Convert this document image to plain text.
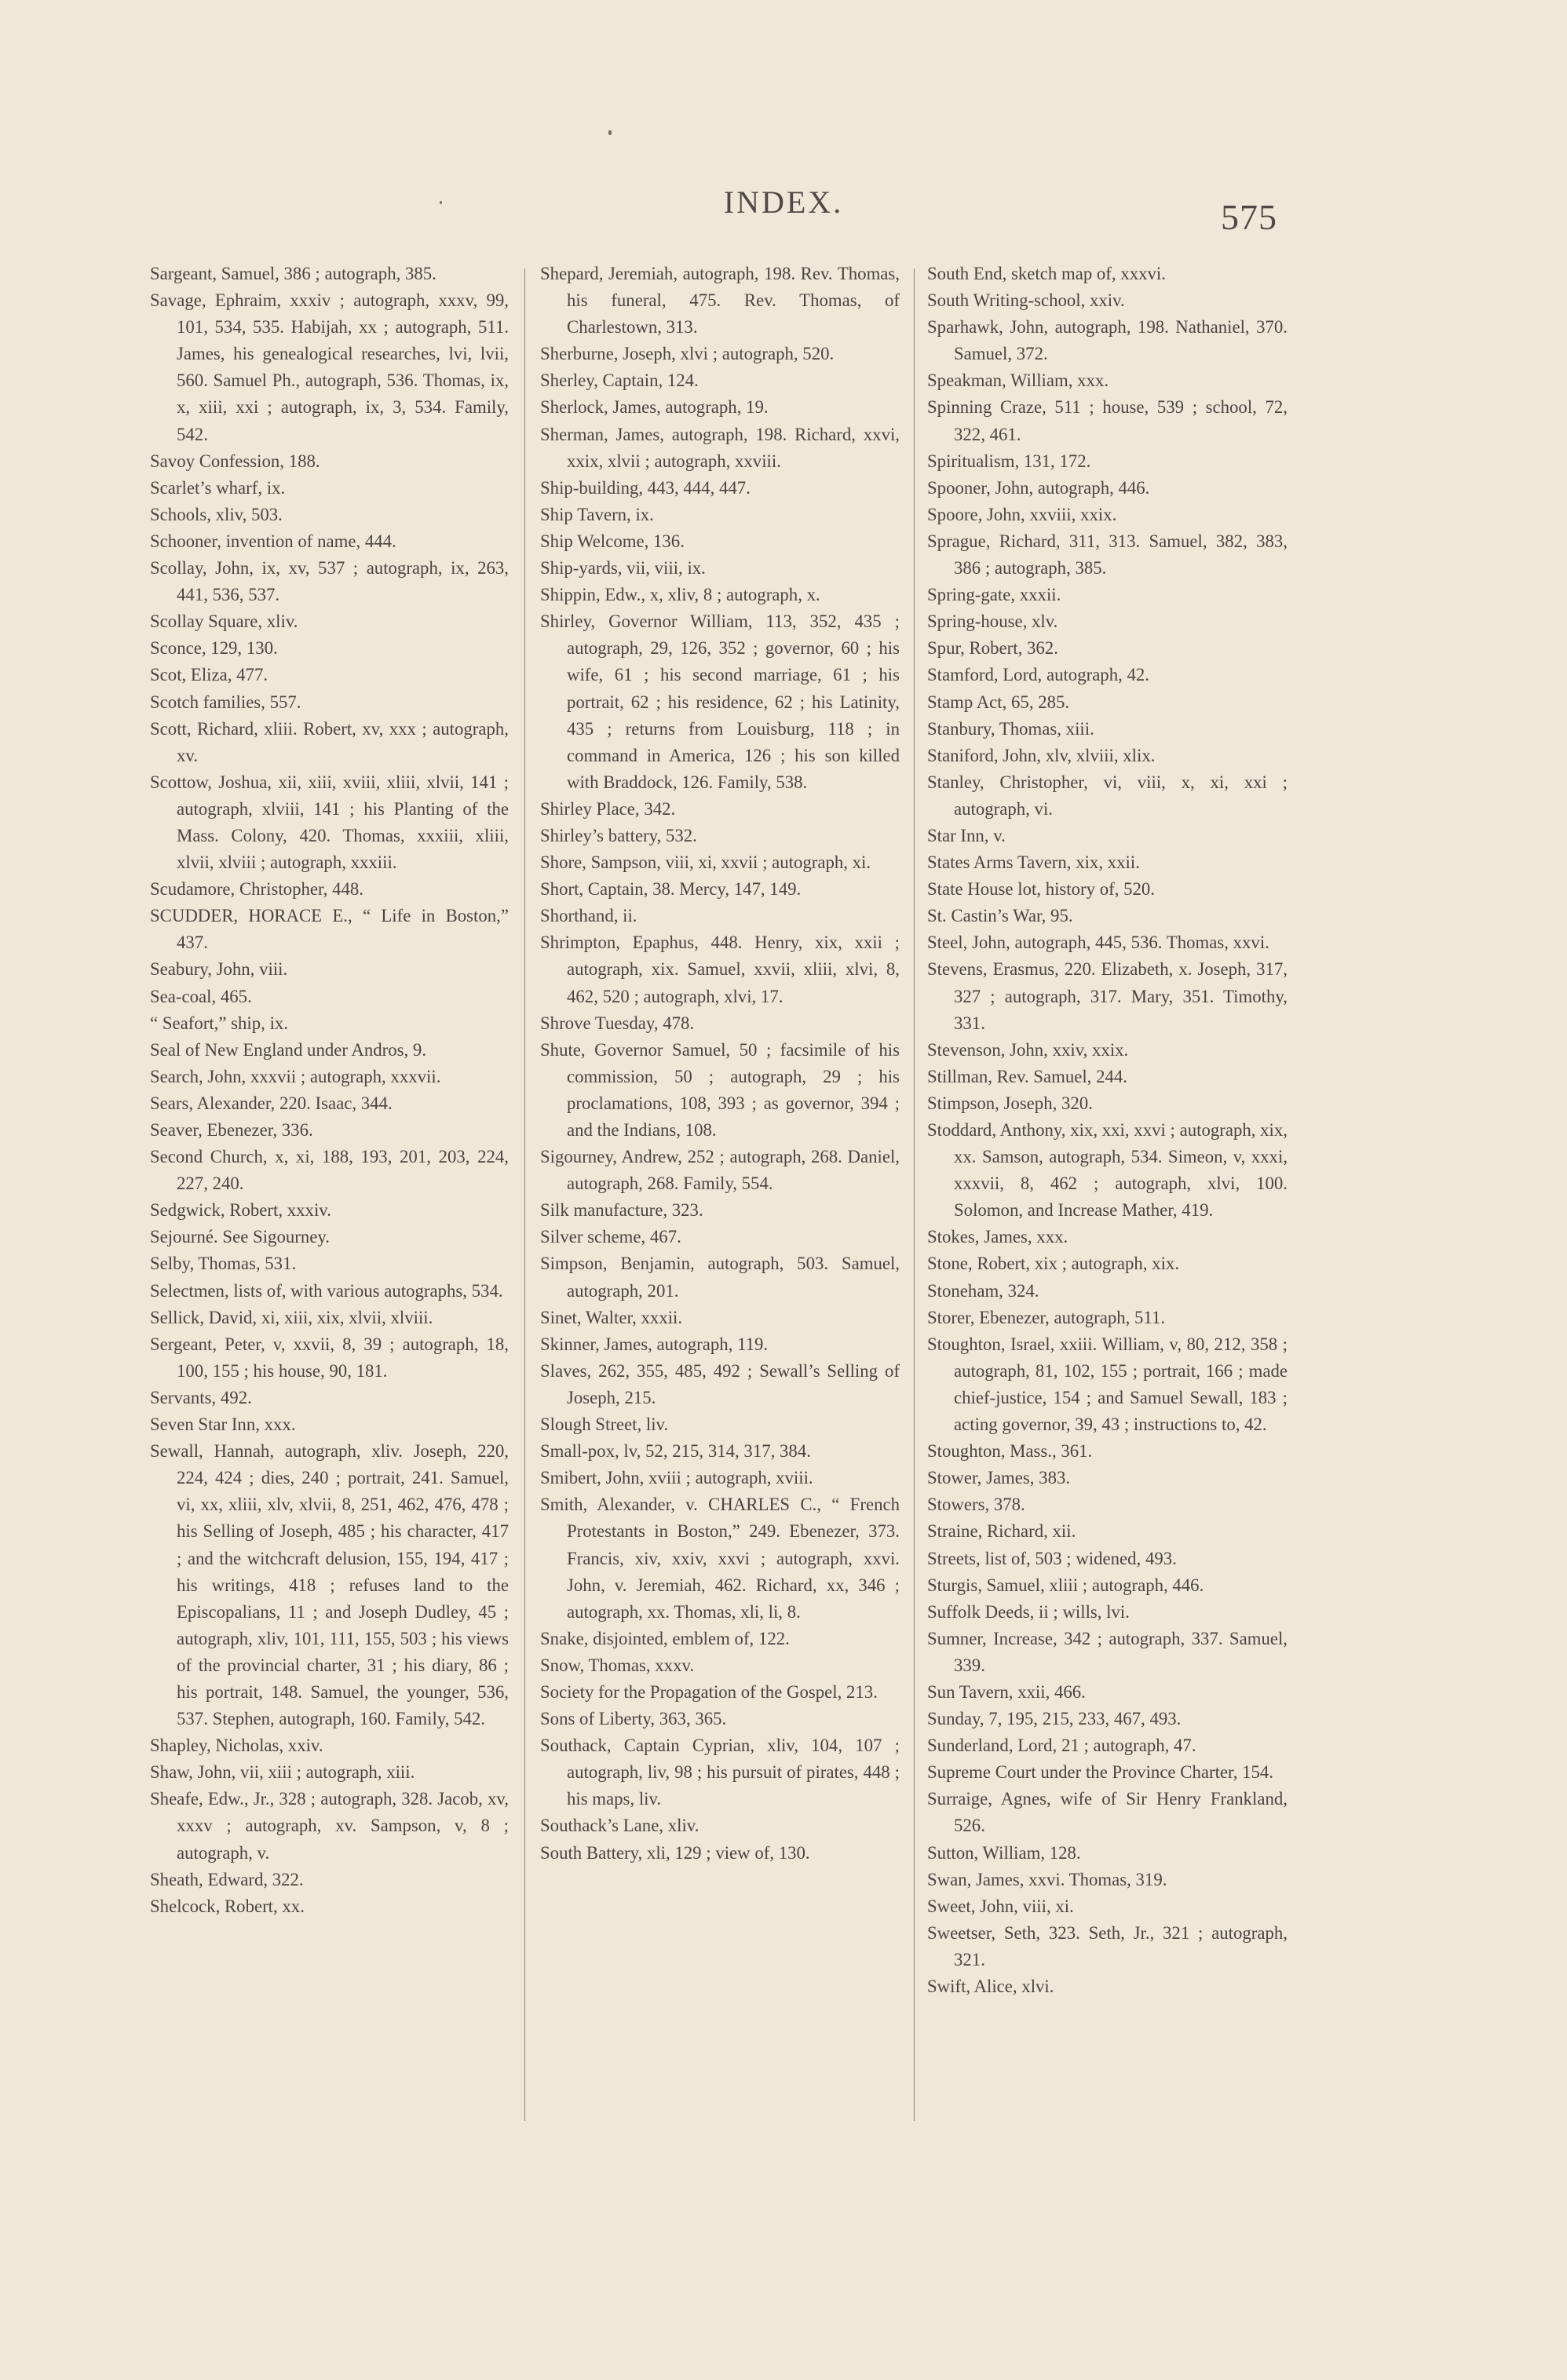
INDEX.	575
Sargeant, Samuel, 386 ; autograph, 385.
Savage, Ephraim, xxxiv ; autograph, xxxv, 99, 101, 534, 535. Habijah, xx ; autograph, 511. James, his genealogical researches, lvi, lvii, 560. Samuel Ph., autograph, 536. Thomas, ix, x, xiii, xxi ; autograph, ix, 3, 534. Family, 542.
Savoy Confession, 188.
Scarlet’s wharf, ix.
Schools, xliv, 503.
Schooner, invention of name, 444.
Scollay, John, ix, xv, 537 ; autograph, ix, 263, 441, 536, 537.
Scollay Square, xliv.
Sconce, 129, 130.
Scot, Eliza, 477.
Scotch families, 557.
Scott, Richard, xliii. Robert, xv, xxx ; autograph, xv.
Scottow, Joshua, xii, xiii, xviii, xliii, xlvii, 141 ; autograph, xlviii, 141 ; his Planting of the Mass. Colony, 420. Thomas, xxxiii, xliii, xlvii, xlviii ; autograph, xxxiii.
Scudamore, Christopher, 448.
SCUDDER, HORACE E., “ Life in Boston,” 437.
Seabury, John, viii.
Sea-coal, 465.
“ Seafort,” ship, ix.
Seal of New England under Andros, 9.
Search, John, xxxvii ; autograph, xxxvii.
Sears, Alexander, 220. Isaac, 344.
Seaver, Ebenezer, 336.
Second Church, x, xi, 188, 193, 201, 203, 224, 227, 240.
Sedgwick, Robert, xxxiv.
Sejourné. See Sigourney.
Selby, Thomas, 531.
Selectmen, lists of, with various autographs, 534.
Sellick, David, xi, xiii, xix, xlvii, xlviii.
Sergeant, Peter, v, xxvii, 8, 39 ; autograph, 18, 100, 155 ; his house, 90, 181.
Servants, 492.
Seven Star Inn, xxx.
Sewall, Hannah, autograph, xliv. Joseph, 220, 224, 424 ; dies, 240 ; portrait, 241. Samuel, vi, xx, xliii, xlv, xlvii, 8, 251, 462, 476, 478 ; his Selling of Joseph, 485 ; his character, 417 ; and the witchcraft delusion, 155, 194, 417 ; his writings, 418 ; refuses land to the Episcopalians, 11 ; and Joseph Dudley, 45 ; autograph, xliv, 101, 111, 155, 503 ; his views of the provincial charter, 31 ; his diary, 86 ; his portrait, 148. Samuel, the younger, 536, 537. Stephen, autograph, 160. Family, 542.
Shapley, Nicholas, xxiv.
Shaw, John, vii, xiii ; autograph, xiii.
Sheafe, Edw., Jr., 328 ; autograph, 328. Jacob, xv, xxxv ; autograph, xv. Sampson, v, 8 ; autograph, v.
Sheath, Edward, 322.
Shelcock, Robert, xx.
Shepard, Jeremiah, autograph, 198. Rev. Thomas, his funeral, 475. Rev. Thomas, of Charlestown, 313.
Sherburne, Joseph, xlvi ; autograph, 520.
Sherley, Captain, 124.
Sherlock, James, autograph, 19.
Sherman, James, autograph, 198. Richard, xxvi, xxix, xlvii ; autograph, xxviii.
Ship-building, 443, 444, 447.
Ship Tavern, ix.
Ship Welcome, 136.
Ship-yards, vii, viii, ix.
Shippin, Edw., x, xliv, 8 ; autograph, x.
Shirley, Governor William, 113, 352, 435 ; autograph, 29, 126, 352 ; governor, 60 ; his wife, 61 ; his second marriage, 61 ; his portrait, 62 ; his residence, 62 ; his Latinity, 435 ; returns from Louisburg, 118 ; in command in America, 126 ; his son killed with Braddock, 126. Family, 538.
Shirley Place, 342.
Shirley’s battery, 532.
Shore, Sampson, viii, xi, xxvii ; autograph, xi.
Short, Captain, 38. Mercy, 147, 149.
Shorthand, ii.
Shrimpton, Epaphus, 448. Henry, xix, xxii ; autograph, xix. Samuel, xxvii, xliii, xlvi, 8, 462, 520 ; autograph, xlvi, 17.
Shrove Tuesday, 478.
Shute, Governor Samuel, 50 ; facsimile of his commission, 50 ; autograph, 29 ; his proclamations, 108, 393 ; as governor, 394 ; and the Indians, 108.
Sigourney, Andrew, 252 ; autograph, 268. Daniel, autograph, 268. Family, 554.
Silk manufacture, 323.
Silver scheme, 467.
Simpson, Benjamin, autograph, 503. Samuel, autograph, 201.
Sinet, Walter, xxxii.
Skinner, James, autograph, 119.
Slaves, 262, 355, 485, 492 ; Sewall’s Selling of Joseph, 215.
Slough Street, liv.
Small-pox, lv, 52, 215, 314, 317, 384.
Smibert, John, xviii ; autograph, xviii.
Smith, Alexander, v. CHARLES C., “ French Protestants in Boston,” 249. Ebenezer, 373. Francis, xiv, xxiv, xxvi ; autograph, xxvi. John, v. Jeremiah, 462. Richard, xx, 346 ; autograph, xx. Thomas, xli, li, 8.
Snake, disjointed, emblem of, 122.
Snow, Thomas, xxxv.
Society for the Propagation of the Gospel, 213.
Sons of Liberty, 363, 365.
Southack, Captain Cyprian, xliv, 104, 107 ; autograph, liv, 98 ; his pursuit of pirates, 448 ; his maps, liv.
Southack’s Lane, xliv.
South Battery, xli, 129 ; view of, 130.
South End, sketch map of, xxxvi.
South Writing-school, xxiv.
Sparhawk, John, autograph, 198. Nathaniel, 370. Samuel, 372.
Speakman, William, xxx.
Spinning Craze, 511 ; house, 539 ; school, 72, 322, 461.
Spiritualism, 131, 172.
Spooner, John, autograph, 446.
Spoore, John, xxviii, xxix.
Sprague, Richard, 311, 313. Samuel, 382, 383, 386 ; autograph, 385.
Spring-gate, xxxii.
Spring-house, xlv.
Spur, Robert, 362.
Stamford, Lord, autograph, 42.
Stamp Act, 65, 285.
Stanbury, Thomas, xiii.
Staniford, John, xlv, xlviii, xlix.
Stanley, Christopher, vi, viii, x, xi, xxi ; autograph, vi.
Star Inn, v.
States Arms Tavern, xix, xxii.
State House lot, history of, 520.
St. Castin’s War, 95.
Steel, John, autograph, 445, 536. Thomas, xxvi.
Stevens, Erasmus, 220. Elizabeth, x. Joseph, 317, 327 ; autograph, 317. Mary, 351. Timothy, 331.
Stevenson, John, xxiv, xxix.
Stillman, Rev. Samuel, 244.
Stimpson, Joseph, 320.
Stoddard, Anthony, xix, xxi, xxvi ; autograph, xix, xx. Samson, autograph, 534. Simeon, v, xxxi, xxxvii, 8, 462 ; autograph, xlvi, 100. Solomon, and Increase Mather, 419.
Stokes, James, xxx.
Stone, Robert, xix ; autograph, xix.
Stoneham, 324.
Storer, Ebenezer, autograph, 511.
Stoughton, Israel, xxiii. William, v, 80, 212, 358 ; autograph, 81, 102, 155 ; portrait, 166 ; made chief-justice, 154 ; and Samuel Sewall, 183 ; acting governor, 39, 43 ; instructions to, 42.
Stoughton, Mass., 361.
Stower, James, 383.
Stowers, 378.
Straine, Richard, xii.
Streets, list of, 503 ; widened, 493.
Sturgis, Samuel, xliii ; autograph, 446.
Suffolk Deeds, ii ; wills, lvi.
Sumner, Increase, 342 ; autograph, 337. Samuel, 339.
Sun Tavern, xxii, 466.
Sunday, 7, 195, 215, 233, 467, 493.
Sunderland, Lord, 21 ; autograph, 47.
Supreme Court under the Province Charter, 154.
Surraige, Agnes, wife of Sir Henry Frankland, 526.
Sutton, William, 128.
Swan, James, xxvi. Thomas, 319.
Sweet, John, viii, xi.
Sweetser, Seth, 323. Seth, Jr., 321 ; autograph, 321.
Swift, Alice, xlvi.
